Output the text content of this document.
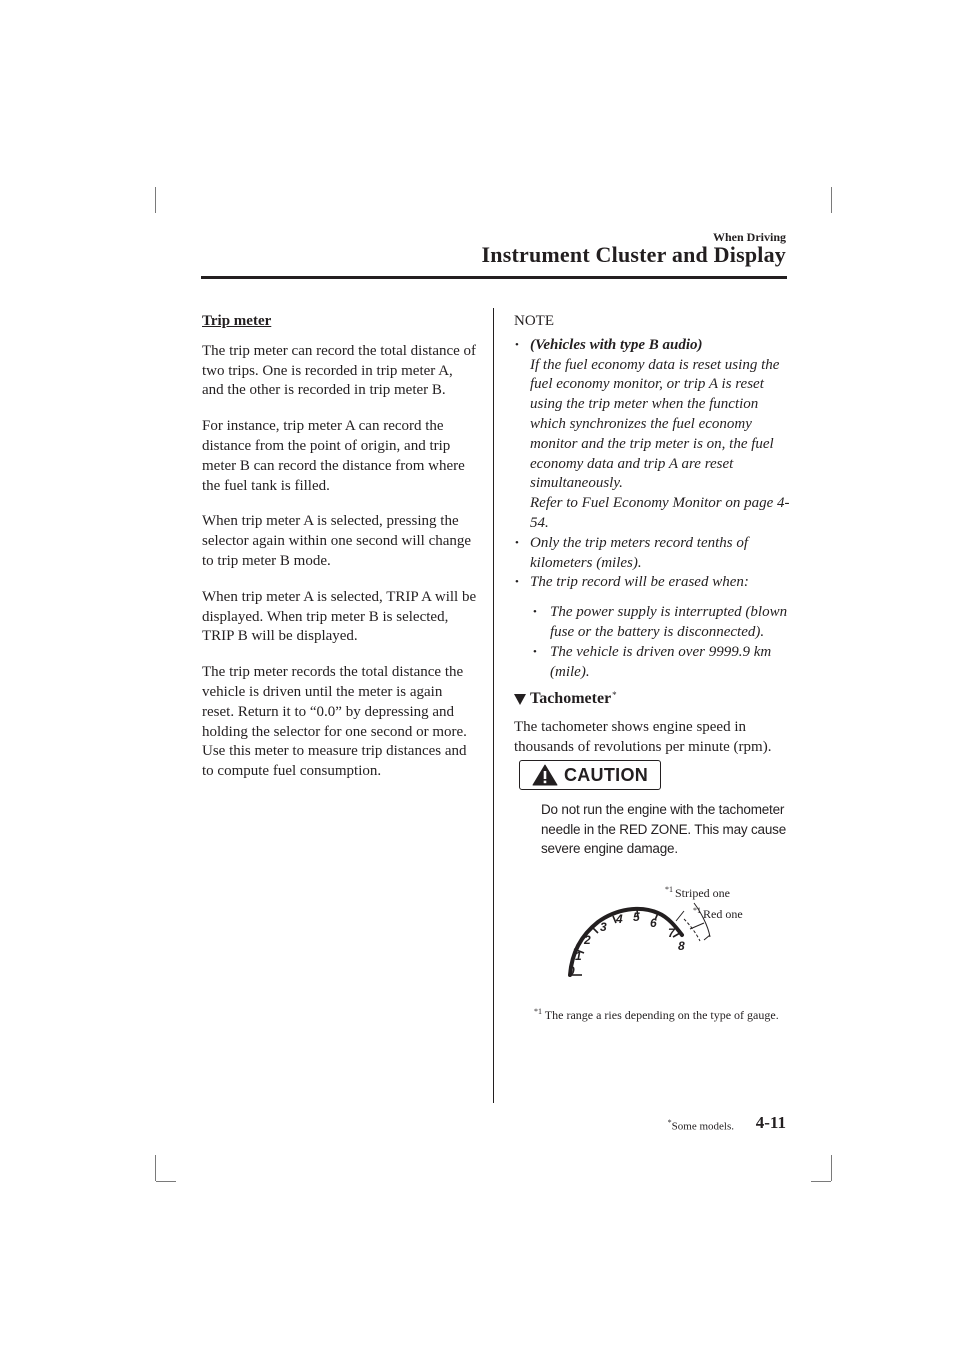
When Driving
Instrument Cluster and Display
Trip meter

The trip meter can record the total distance of two trips. One is recorded in trip meter A, and the other is recorded in trip meter B.

For instance, trip meter A can record the distance from the point of origin, and trip meter B can record the distance from where the fuel tank is filled.

When trip meter A is selected, pressing the selector again within one second will change to trip meter B mode.

When trip meter A is selected, TRIP A will be displayed. When trip meter B is selected, TRIP B will be displayed.

The trip meter records the total distance the vehicle is driven until the meter is again reset. Return it to “0.0” by depressing and holding the selector for one second or more. Use this meter to measure trip distances and to compute fuel consumption.

NOTE
• (Vehicles with type B audio)
If the fuel economy data is reset using the fuel economy monitor, or trip A is reset using the trip meter when the function which synchronizes the fuel economy monitor and the trip meter is on, the fuel economy data and trip A are reset simultaneously.
Refer to Fuel Economy Monitor on page 4-54.
• Only the trip meters record tenths of kilometers (miles).
• The trip record will be erased when:
• The power supply is interrupted (blown fuse or the battery is disconnected).
• The vehicle is driven over 9999.9 km (mile).
Tachometer*
The tachometer shows engine speed in thousands of revolutions per minute (rpm).
CAUTION
Do not run the engine with the tachometer needle in the RED ZONE. This may cause severe engine damage.
0
1
2
3
4 5 6
7
8
$^{*1}$ Striped one
$^{*1}$ Red one
$^{*1}$ The range a ries depending on the type of gauge.
*Some models. 4-11
